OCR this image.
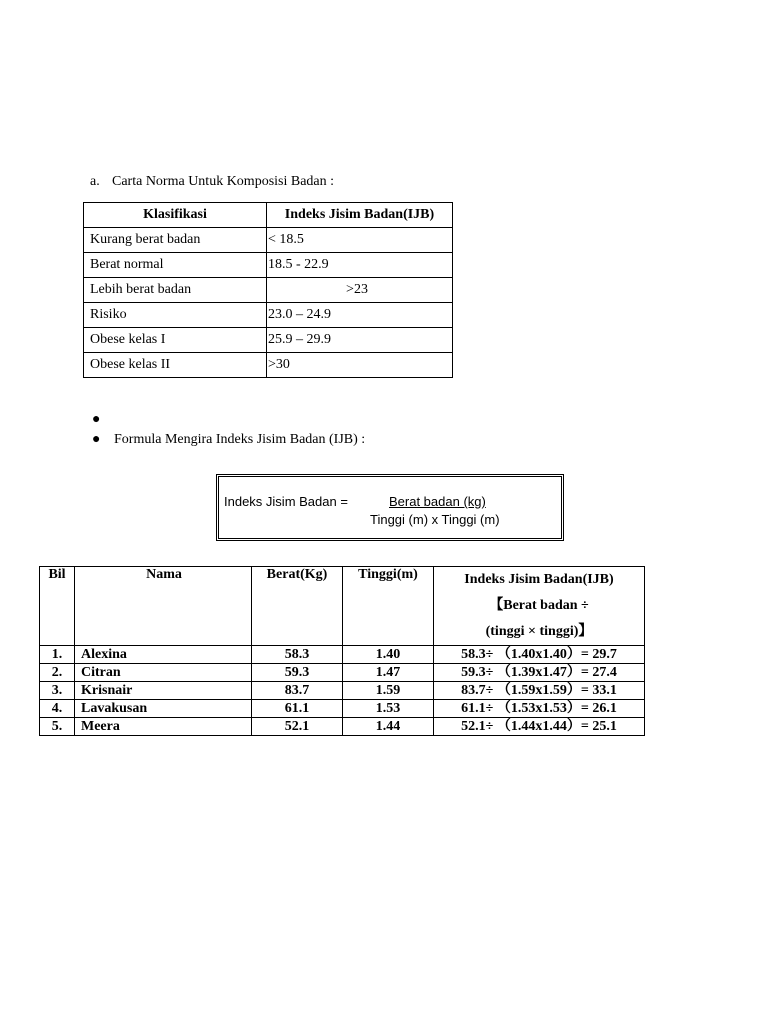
a. Carta Norma Untuk Komposisi Badan :
Klasifikasi	Indeks Jisim Badan(IJB)
Kurang berat badan	< 18.5
Berat normal	18.5 - 22.9
Lebih berat badan	>23
Risiko	23.0 – 24.9
Obese kelas I	25.9 – 29.9
Obese kelas II	>30
●
● Formula Mengira Indeks Jisim Badan (IJB) :
Indeks Jisim Badan =	Berat badan (kg)
Tinggi (m) x Tinggi (m)
Bil	Nama	Berat(Kg)	Tinggi(m)	Indeks Jisim Badan(IJB)
【Berat badan ÷
(tinggi × tinggi)】

1.	Alexina	58.3	1.40	58.3÷ （1.40x1.40）= 29.7
2.	Citran	59.3	1.47	59.3÷ （1.39x1.47）= 27.4
3.	Krisnair	83.7	1.59	83.7÷ （1.59x1.59）= 33.1
4.	Lavakusan	61.1	1.53	61.1÷ （1.53x1.53）= 26.1
5.	Meera	52.1	1.44	52.1÷ （1.44x1.44）= 25.1
